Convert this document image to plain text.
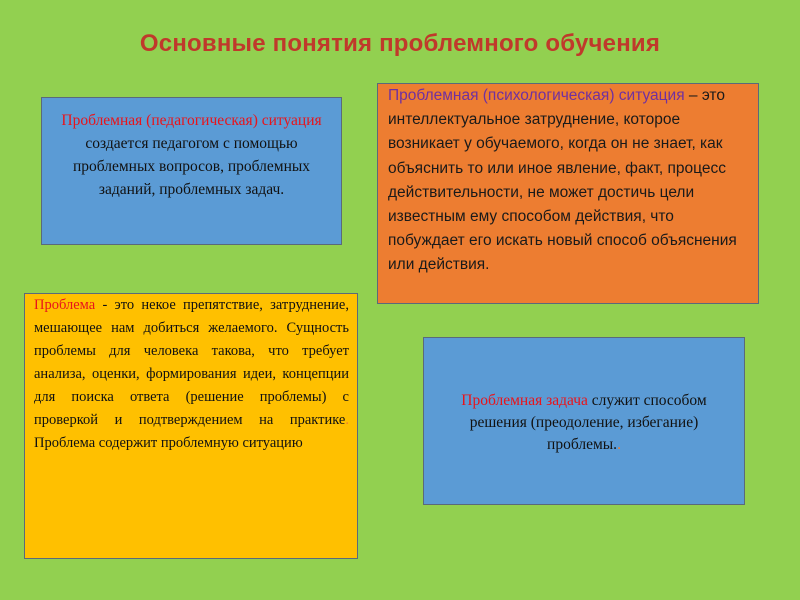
Основные понятия проблемного обучения
Проблемная (педагогическая) ситуация создается педагогом с помощью проблемных вопросов, проблемных заданий, проблемных задач.
Проблемная (психологическая) ситуация – это интеллектуальное затруднение, которое возникает у обучаемого, когда он не знает, как объяснить то или иное явление, факт, процесс действительности, не может достичь цели известным ему способом действия, что побуждает его искать новый способ объяснения или действия.
Проблема - это некое препятствие, затруднение, мешающее нам добиться желаемого. Сущность проблемы для человека такова, что требует анализа, оценки, формирования идеи, концепции для поиска ответа (решение проблемы) с проверкой и подтверждением на практике. Проблема содержит проблемную ситуацию
Проблемная задача служит способом решения (преодоление, избегание) проблемы..
